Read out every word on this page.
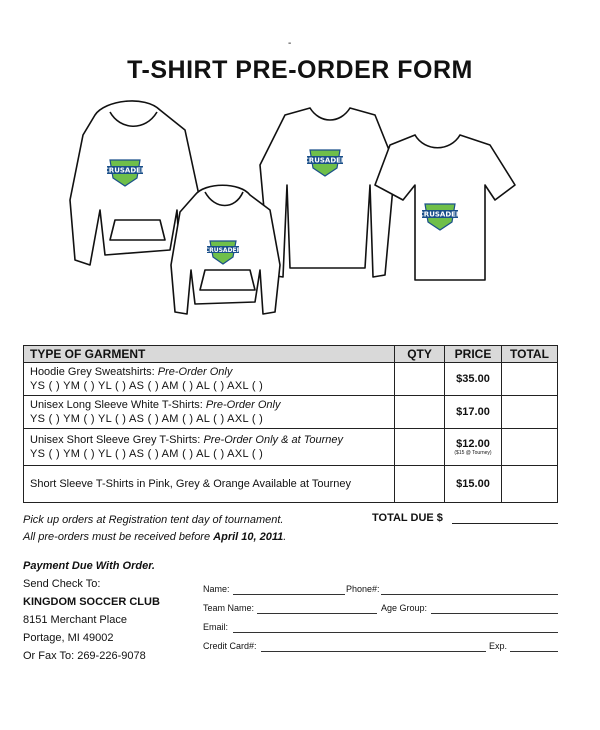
-
T-SHIRT PRE-ORDER FORM
CRUSADER
CRUSADER
CRUSADER
CRUSADER
TYPE OF GARMENT	QTY	PRICE	TOTAL

Hoodie Grey Sweatshirts: Pre-Order Only
YS ( ) YM ( ) YL ( ) AS ( ) AM ( ) AL ( ) AXL ( )		$35.00	

Unisex Long Sleeve White T-Shirts: Pre-Order Only
YS ( ) YM ( ) YL ( ) AS ( ) AM ( ) AL ( ) AXL ( )		$17.00	

Unisex Short Sleeve Grey T-Shirts: Pre-Order Only & at Tourney
YS ( ) YM ( ) YL ( ) AS ( ) AM ( ) AL ( ) AXL ( )		$12.00
($15 @ Tourney)	

Short Sleeve T-Shirts in Pink, Grey & Orange Available at Tourney		$15.00	
Pick up orders at Registration tent day of tournament.
All pre-orders must be received before April 10, 2011.
TOTAL DUE $
Payment Due With Order.
Send Check To:
KINGDOM SOCCER CLUB
8151 Merchant Place
Portage, MI 49002
Or Fax To: 269-226-9078
Name:	Phone#:
Team Name:	Age Group:
Email:
Credit Card#:	Exp.
